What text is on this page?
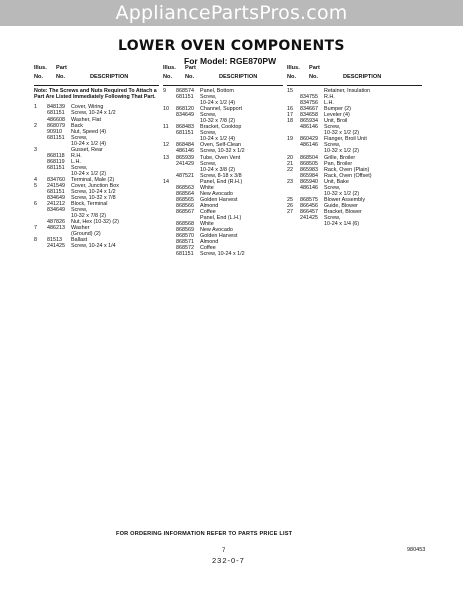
AppliancePartsPros.com
LOWER OVEN COMPONENTS
For Model: RGE870PW
Illus. Part
No. No.	DESCRIPTION
Note: The Screws and Nuts Required To Attach a Part Are Listed Immediately Following That Part.
1	848139	Cover, Wiring
681151	Screw, 10-24 x 1/2
486608	Washer, Flat
2	868079	Back
90910	Nut, Speed (4)
681151	Screw,
10-24 x 1/2 (4)
3	Gusset, Rear
868118	R.H.
868119	L.H.
681151	Screw,
10-24 x 1/2 (2)
4	834760	Terminal, Male (2)
5	241549	Cover, Junction Box
681151	Screw, 10-24 x 1/2
834649	Screw, 10-32 x 7/8
6	241212	Block, Terminal
834649	Screw,
10-32 x 7/8 (2)
487826	Nut, Hex (10-32) (2)
7	486213	Washer
(Ground) (2)
8	81513	Ballast
241425	Screw, 10-24 x 1/4
Illus. Part
No. No.	DESCRIPTION
9	868574	Panel, Bottom
681151	Screw,
10-24 x 1/2 (4)
10	868120	Channel, Support
834649	Screw,
10-32 x 7/8 (2)
11	868483	Bracket, Cooktop
681151	Screw,
10-24 x 1/2 (4)
12	868484	Oven, Self-Clean
486146	Screw, 10-32 x 1/2
13	865939	Tube, Oven Vent
241429	Screw,
10-24 x 3/8 (2)
487521	Screw, 8-18 x 3/8
14	Panel, End (R.H.)
868563	White
868564	New Avocado
868565	Golden Harvest
868566	Almond
868567	Coffee
Panel, End (L.H.)
868568	White
868569	New Avocado
868570	Golden Harvest
868571	Almond
868572	Coffee
681151	Screw, 10-24 x 1/2
Illus. Part
No. No.	DESCRIPTION
15	Retainer, Insulation
834755	R.H.
834756	L.H.
16	834667	Bumper (2)
17	834658	Leveler (4)
18	865934	Unit, Broil
486146	Screw,
10-32 x 1/2 (2)
19	860429	Flanger, Broil Unit
486146	Screw,
10-32 x 1/2 (2)
20	868504	Grille, Broiler
21	868505	Pan, Broiler
22	865983	Rack, Oven (Plain)
865984	Rack, Oven (Offset)
23	865940	Unit, Bake
486146	Screw,
10-32 x 1/2 (2)
25	868575	Blower Assembly
26	866456	Guide, Blower
27	866457	Bracket, Blower
241425	Screw,
10-24 x 1/4 (6)
FOR ORDERING INFORMATION REFER TO PARTS PRICE LIST
7
232-0-7
980453
